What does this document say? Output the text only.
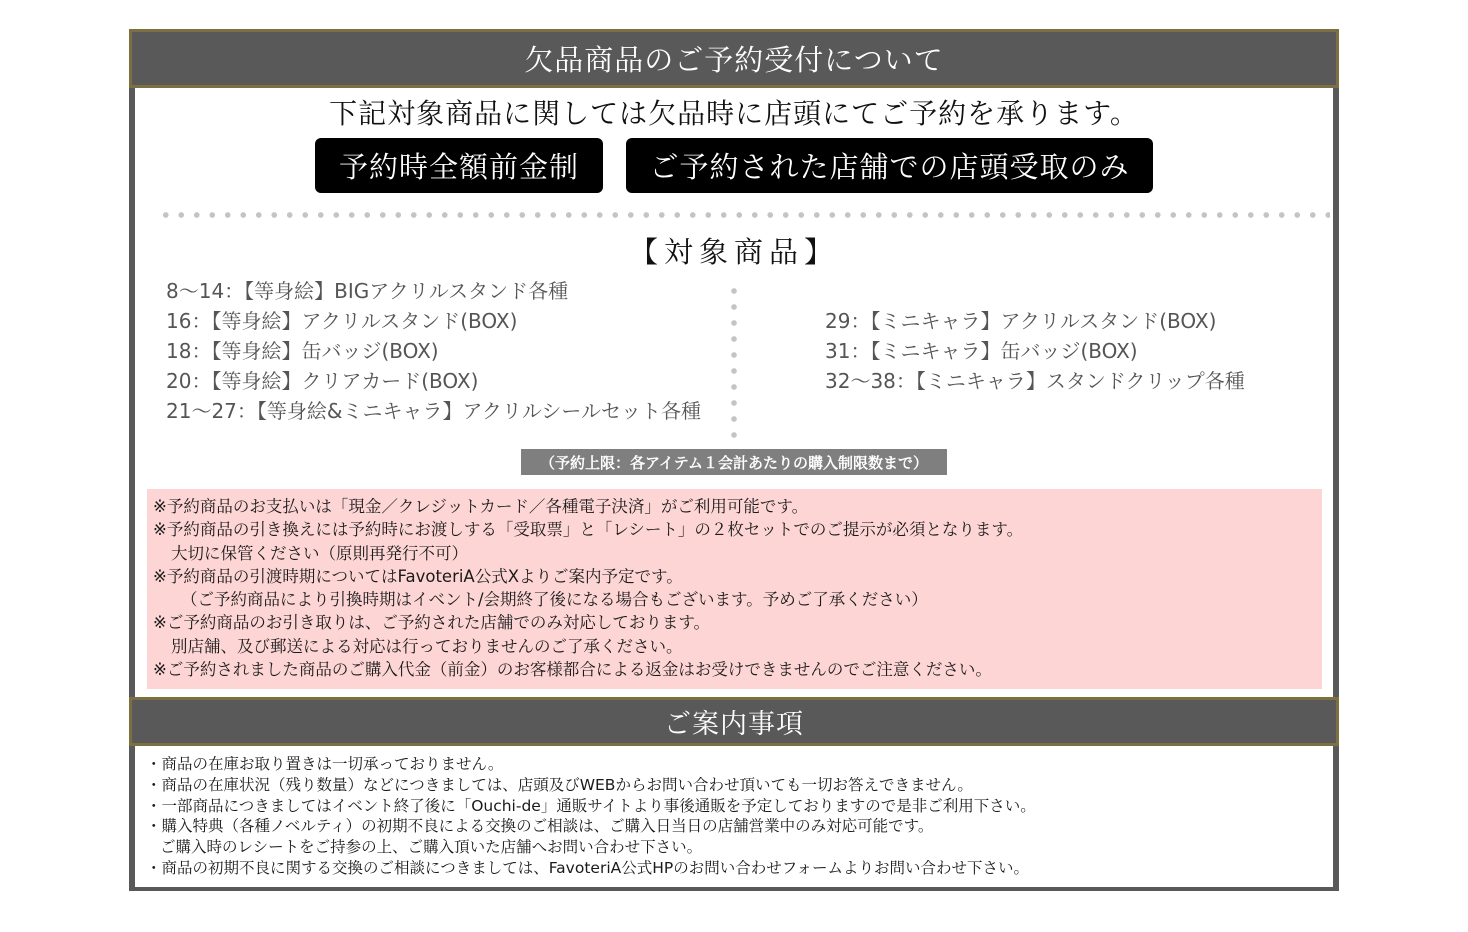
欠品商品のご予約受付について
下記対象商品に関しては欠品時に店頭にてご予約を承ります。
予約時全額前金制	ご予約された店舗での店頭受取のみ
【対象商品】
8〜14：【等身絵】BIGアクリルスタンド各種
16：【等身絵】アクリルスタンド(BOX)
18：【等身絵】缶バッジ(BOX)
20：【等身絵】クリアカード(BOX)
21〜27：【等身絵&ミニキャラ】アクリルシールセット各種
29：【ミニキャラ】アクリルスタンド(BOX)
31：【ミニキャラ】缶バッジ(BOX)
32〜38：【ミニキャラ】スタンドクリップ各種
（予約上限：各アイテム１会計あたりの購入制限数まで）
※予約商品のお支払いは「現金／クレジットカード／各種電子決済」がご利用可能です。
※予約商品の引き換えには予約時にお渡しする「受取票」と「レシート」の２枚セットでのご提示が必須となります。
大切に保管ください（原則再発行不可）
※予約商品の引渡時期についてはFavoteriA公式Xよりご案内予定です。
（ご予約商品により引換時期はイベント/会期終了後になる場合もございます。予めご了承ください）
※ご予約商品のお引き取りは、ご予約された店舗でのみ対応しております。
別店舗、及び郵送による対応は行っておりませんのご了承ください。
※ご予約されました商品のご購入代金（前金）のお客様都合による返金はお受けできませんのでご注意ください。
ご案内事項
・商品の在庫お取り置きは一切承っておりません。
・商品の在庫状況（残り数量）などにつきましては、店頭及びWEBからお問い合わせ頂いても一切お答えできません。
・一部商品につきましてはイベント終了後に「Ouchi-de」通販サイトより事後通販を予定しておりますので是非ご利用下さい。
・購入特典（各種ノベルティ）の初期不良による交換のご相談は、ご購入日当日の店舗営業中のみ対応可能です。
ご購入時のレシートをご持参の上、ご購入頂いた店舗へお問い合わせ下さい。
・商品の初期不良に関する交換のご相談につきましては、FavoteriA公式HPのお問い合わせフォームよりお問い合わせ下さい。
